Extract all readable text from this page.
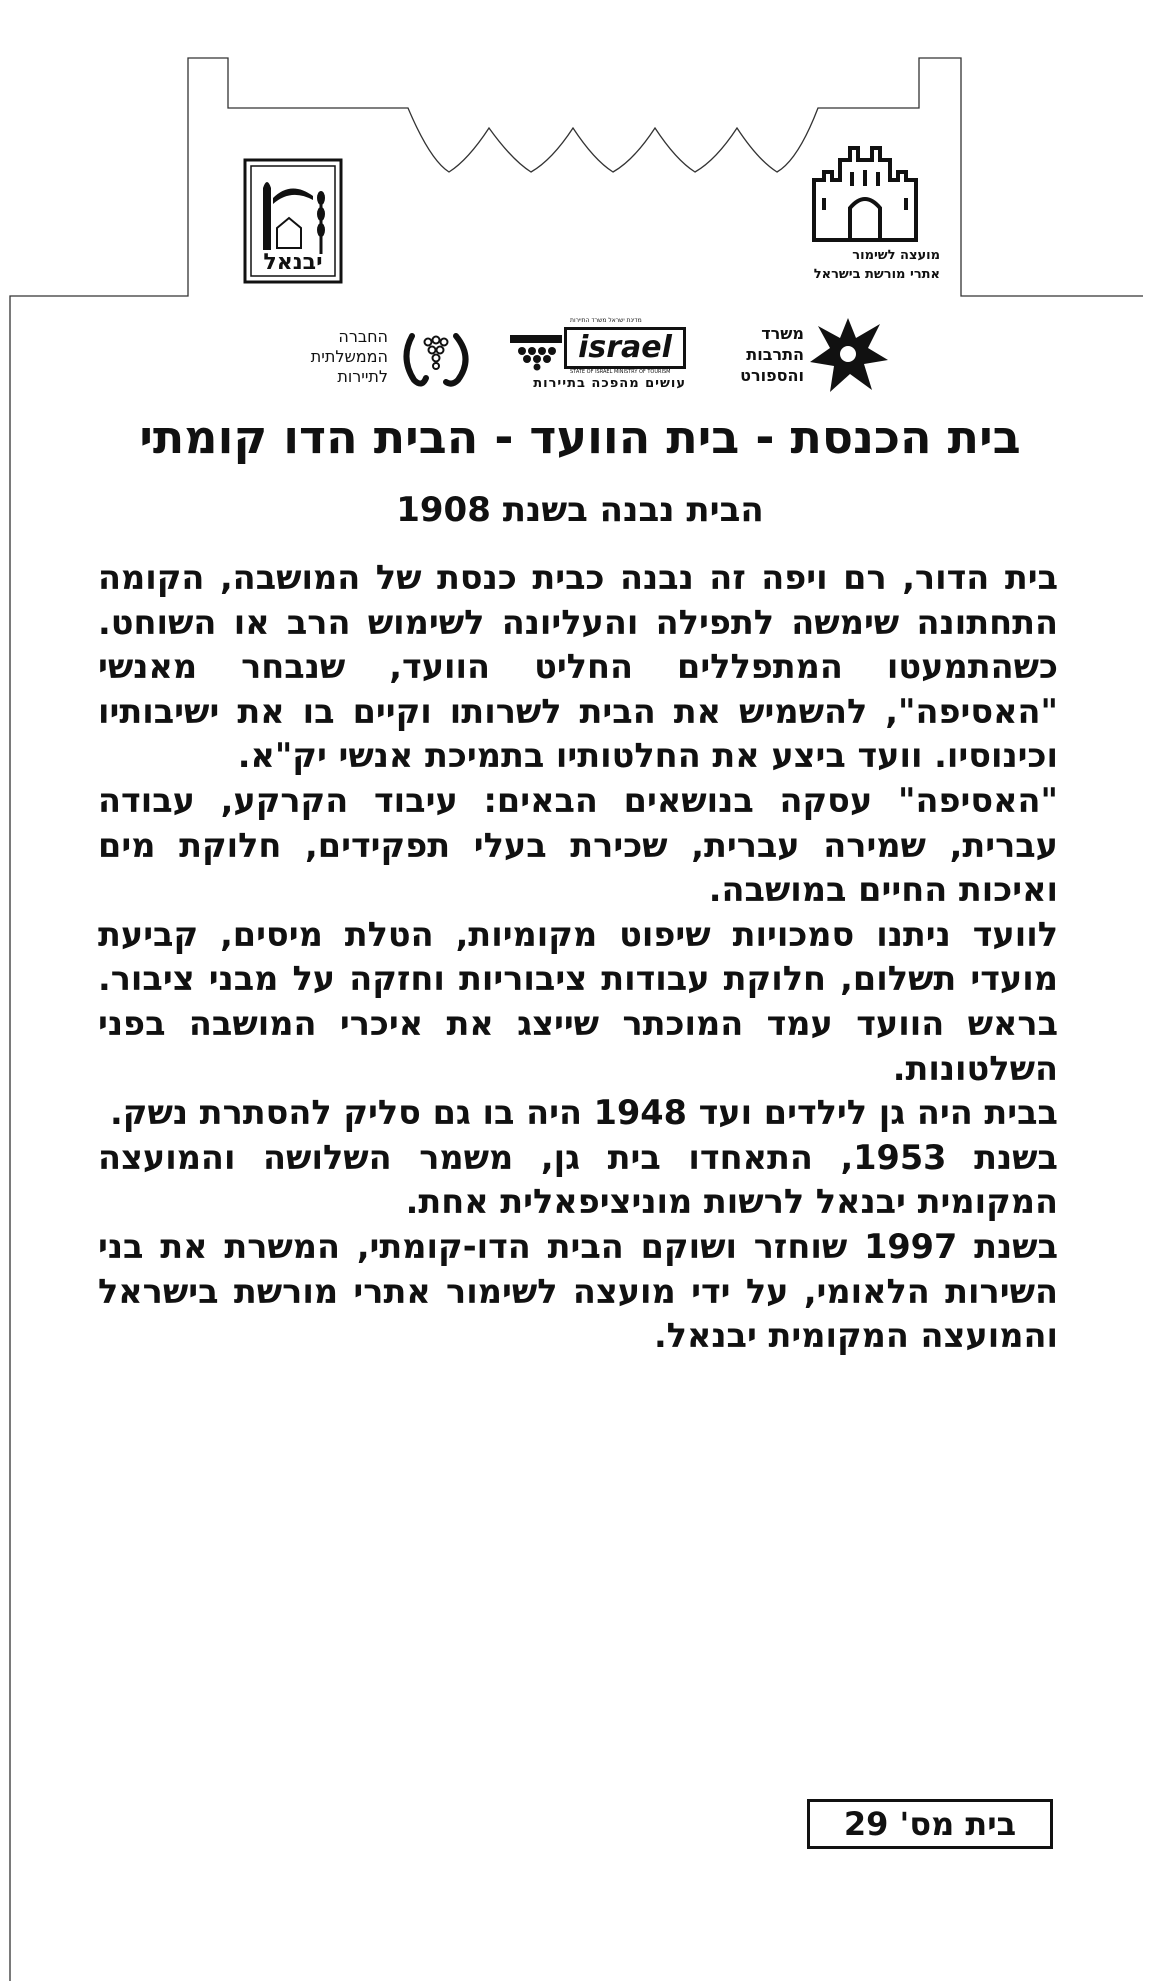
מועצה לשימור
אתרי מורשת בישראל
יבנאל
משרד
התרבות
והספורט
israel
מדינת ישראל משרד התיירות
STATE OF ISRAEL MINISTRY OF TOURISM
עושים מהפכה בתיירות
החברה
הממשלתית
לתיירות
בית הכנסת - בית הוועד - הבית הדו קומתי
הבית נבנה בשנת 1908

בית הדור, רם ויפה זה נבנה כבית כנסת של המושבה, הקומה התחתונה שימשה לתפילה והעליונה לשימוש הרב או השוחט. כשהתמעטו המתפללים החליט הוועד, שנבחר מאנשי "האסיפה", להשמיש את הבית לשרותו וקיים בו את ישיבותיו וכינוסיו. וועד ביצע את החלטותיו בתמיכת אנשי יק"א.

"האסיפה" עסקה בנושאים הבאים: עיבוד הקרקע, עבודה עברית, שמירה עברית, שכירת בעלי תפקידים, חלוקת מים ואיכות החיים במושבה.

לוועד ניתנו סמכויות שיפוט מקומיות, הטלת מיסים, קביעת מועדי תשלום, חלוקת עבודות ציבוריות וחזקה על מבני ציבור. בראש הוועד עמד המוכתר שייצג את איכרי המושבה בפני השלטונות.

בבית היה גן לילדים ועד 1948 היה בו גם סליק להסתרת נשק.

בשנת 1953, התאחדו בית גן, משמר השלושה והמועצה המקומית יבנאל לרשות מוניציפאלית אחת.

בשנת 1997 שוחזר ושוקם הבית הדו-קומתי, המשרת את בני השירות הלאומי, על ידי מועצה לשימור אתרי מורשת בישראל והמועצה המקומית יבנאל.

בית מס' 29
